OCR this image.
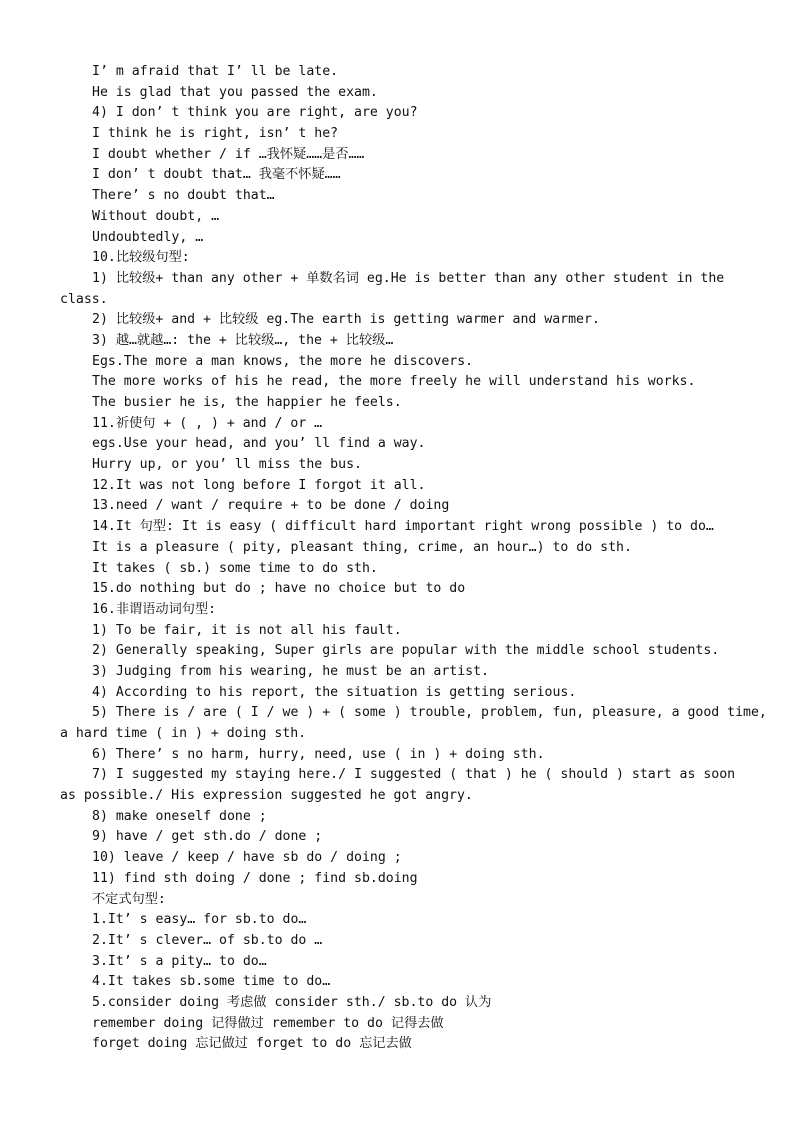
I’ m afraid that I’ ll be late.
He is glad that you passed the exam.
4) I don’ t think you are right, are you?
I think he is right, isn’ t he?
I doubt whether / if …我怀疑……是否……
I don’ t doubt that… 我毫不怀疑……
There’ s no doubt that…
Without doubt, …
Undoubtedly, …
10.比较级句型:
1) 比较级+ than any other + 单数名词 eg.He is better than any other student in the
class.
2) 比较级+ and + 比较级 eg.The earth is getting warmer and warmer.
3) 越…就越…: the + 比较级…, the + 比较级…
Egs.The more a man knows, the more he discovers.
The more works of his he read, the more freely he will understand his works.
The busier he is, the happier he feels.
11.祈使句 + ( , ) + and / or …
egs.Use your head, and you’ ll find a way.
Hurry up, or you’ ll miss the bus.
12.It was not long before I forgot it all.
13.need / want / require + to be done / doing
14.It 句型: It is easy ( difficult hard important right wrong possible ) to do…
It is a pleasure ( pity, pleasant thing, crime, an hour…) to do sth.
It takes ( sb.) some time to do sth.
15.do nothing but do ; have no choice but to do
16.非谓语动词句型:
1) To be fair, it is not all his fault.
2) Generally speaking, Super girls are popular with the middle school students.
3) Judging from his wearing, he must be an artist.
4) According to his report, the situation is getting serious.
5) There is / are ( I / we ) + ( some ) trouble, problem, fun, pleasure, a good time,
a hard time ( in ) + doing sth.
6) There’ s no harm, hurry, need, use ( in ) + doing sth.
7) I suggested my staying here./ I suggested ( that ) he ( should ) start as soon
as possible./ His expression suggested he got angry.
8) make oneself done ;
9) have / get sth.do / done ;
10) leave / keep / have sb do / doing ;
11) find sth doing / done ; find sb.doing
不定式句型:
1.It’ s easy… for sb.to do…
2.It’ s clever… of sb.to do …
3.It’ s a pity… to do…
4.It takes sb.some time to do…
5.consider doing 考虑做 consider sth./ sb.to do 认为
remember doing 记得做过 remember to do 记得去做
forget doing 忘记做过 forget to do 忘记去做
